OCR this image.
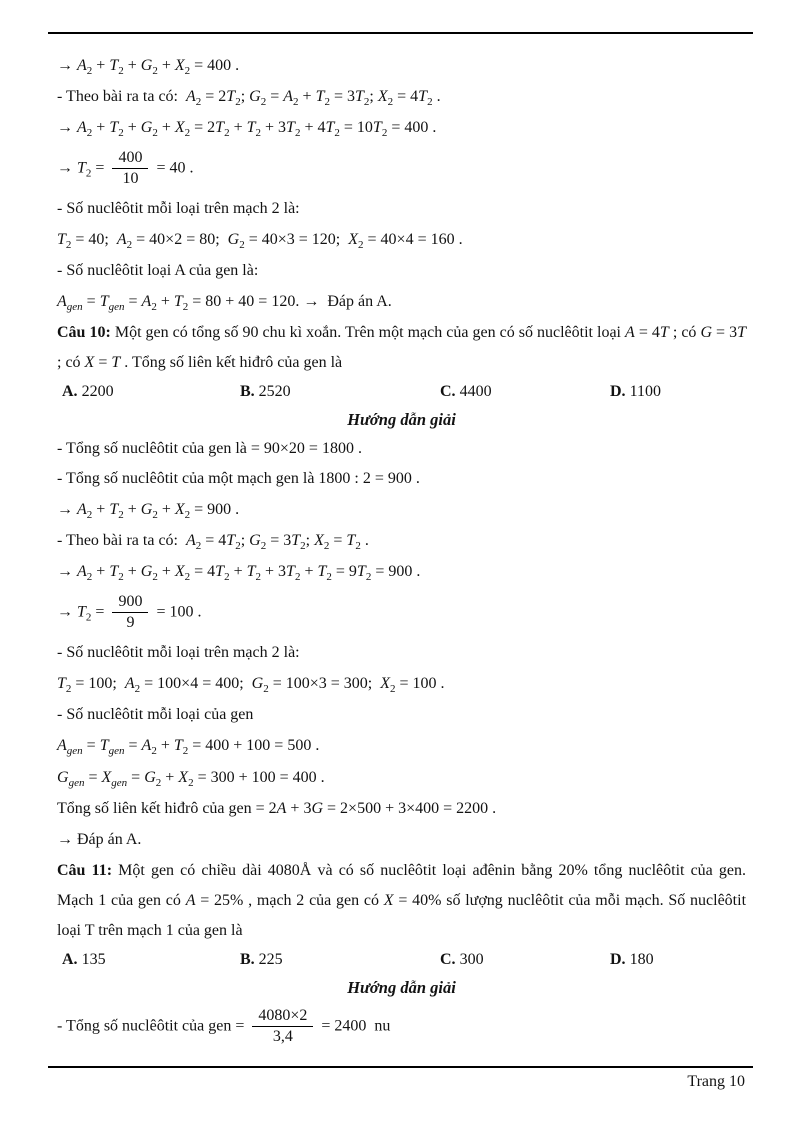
→ $A_2 + T_2 + G_2 + X_2 = 400$ .
- Theo bài ra ta có:  $A_2 = 2T_2$; $G_2 = A_2 + T_2 = 3T_2$; $X_2 = 4T_2$ .
→ $A_2 + T_2 + G_2 + X_2 = 2T_2 + T_2 + 3T_2 + 4T_2 = 10T_2 = 400$ .
→ $T_2 = \frac{400}{10} = 40$ .
- Số nuclêôtit mỗi loại trên mạch 2 là:
$T_2 = 40$;  $A_2 = 40\times 2 = 80$;  $G_2 = 40\times 3 = 120$;  $X_2 = 40\times 4 = 160$ .
- Số nuclêôtit loại A của gen là:
$A_{gen} = T_{gen} = A_2 + T_2 = 80 + 40 = 120$. →  Đáp án A.

Câu 10: Một gen có tổng số 90 chu kì xoắn. Trên một mạch của gen có số nuclêôtit loại A = 4T ; có G = 3T ; có X = T . Tổng số liên kết hiđrô của gen là

A. 2200	B. 2520	C. 4400	D. 1100
Hướng dẫn giải
- Tổng số nuclêôtit của gen là = 90×20 = 1800 .
- Tổng số nuclêôtit của một mạch gen là 1800 : 2 = 900 .
→ $A_2 + T_2 + G_2 + X_2 = 900$ .
- Theo bài ra ta có:  $A_2 = 4T_2$; $G_2 = 3T_2$; $X_2 = T_2$ .
→ $A_2 + T_2 + G_2 + X_2 = 4T_2 + T_2 + 3T_2 + T_2 = 9T_2 = 900$ .
→ $T_2 = \frac{900}{9} = 100$ .
- Số nuclêôtit mỗi loại trên mạch 2 là:
$T_2 = 100$;  $A_2 = 100\times 4 = 400$;  $G_2 = 100\times 3 = 300$;  $X_2 = 100$ .
- Số nuclêôtit mỗi loại của gen
$A_{gen} = T_{gen} = A_2 + T_2 = 400 + 100 = 500$ .
$G_{gen} = X_{gen} = G_2 + X_2 = 300 + 100 = 400$ .
Tổng số liên kết hiđrô của gen = 2A + 3G = 2×500 + 3×400 = 2200 .
→ Đáp án A.

Câu 11: Một gen có chiều dài 4080Å và có số nuclêôtit loại ađênin bằng 20% tổng nuclêôtit của gen. Mạch 1 của gen có A = 25% , mạch 2 của gen có X = 40% số lượng nuclêôtit của mỗi mạch. Số nuclêôtit loại T trên mạch 1 của gen là

A. 135	B. 225	C. 300	D. 180
Hướng dẫn giải
- Tổng số nuclêôtit của gen = $\frac{4080\times 2}{3,4} = 2400$  nu
Trang 10
